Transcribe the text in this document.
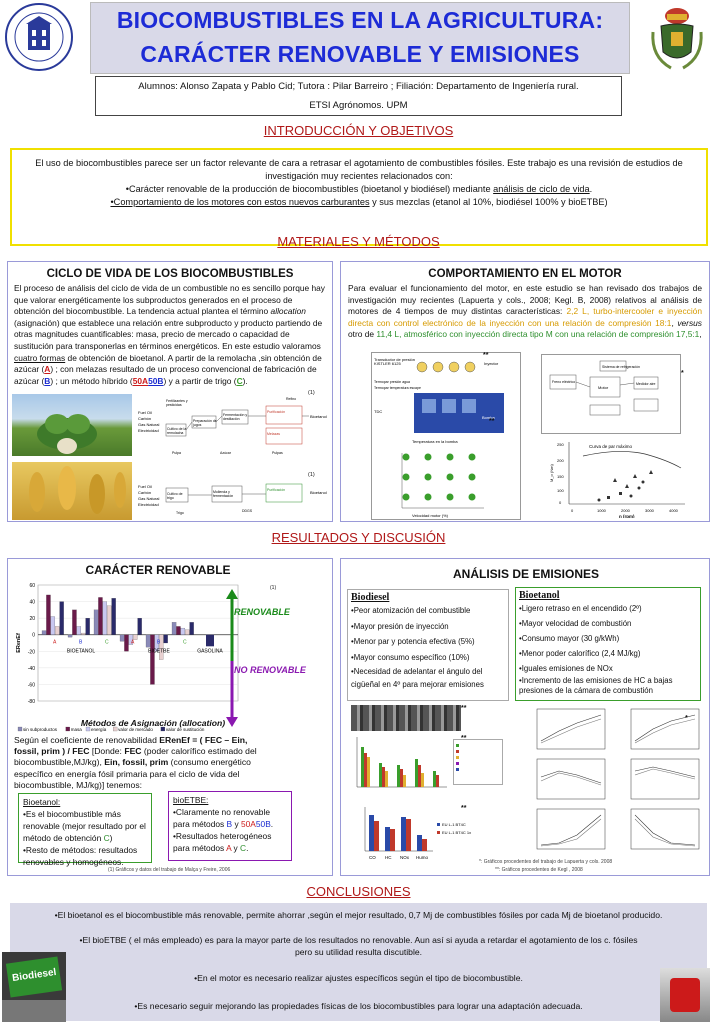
BIOCOMBUSTIBLES EN LA AGRICULTURA:
CARÁCTER RENOVABLE Y EMISIONES
Alumnos: Alonso Zapata y Pablo Cid; Tutora : Pilar Barreiro ; Filiación: Departamento de Ingeniería rural.
ETSI Agrónomos. UPM
INTRODUCCIÓN Y OBJETIVOS
El uso de biocombustibles parece ser un factor relevante de cara a retrasar el agotamiento de combustibles fósiles. Este trabajo es una revisión de estudios de investigación muy recientes relacionados con:
•Carácter renovable de la producción de biocombustibles (bioetanol y biodiésel) mediante análisis de ciclo de vida.
•Comportamiento de los motores con estos nuevos carburantes y sus mezclas (etanol al 10%, biodiésel 100% y bioETBE)
MATERIALES Y MÉTODOS
CICLO DE VIDA DE LOS BIOCOMBUSTIBLES
El proceso de análisis del ciclo de vida de un combustible no es sencillo porque hay que valorar energéticamente los subproductos generados en el proceso de obtención del biocombustible. La tendencia actual plantea el término allocation (asignación) que establece una relación entre subproducto y producto partiendo de otras magnitudes cuantificables: masa, precio de mercado o capacidad de sustitución para transponerlas en términos energéticos. En este estudio valoramos cuatro formas de obtención de bioetanol. A partir de la remolacha ,sin obtención de azúcar (A) ; con melazas resultado de un proceso convencional de fabricación de azúcar (B) ; un método híbrido (50A50B) y a partir de trigo (C).
Fuel Oil
Carbón
Gas Natural
Electricidad Cultivo de la
remolacha
Preparación de
jugos
Fermentación y
destilación
Purificación
Melazas
Bioetanol
Pulpa	Azúcar	Pulpas
Fertilizantes y
pesticidas
Refino
(1)
Fuel Oil
Carbón
Gas Natural
Electricidad
Cultivo de
trigo
Molienda y
fermentación
Purificación	Bioetanol
DDGS
Trigo
(1)
COMPORTAMIENTO EN EL MOTOR
Para evaluar el funcionamiento del motor, en este estudio se han revisado dos trabajos de investigación muy recientes (Lapuerta y cols., 2008; Kegl. B, 2008) relativos al análisis de motores de 4 tiempos de muy distintas características: 2,2 L, turbo-intercooler e inyección directa con control electrónico de la inyección con una relación de compresión 18:1, versus otro de 11,4 L, atmosférico con inyección directa tipo M con una relación de compresión 17,5:1,
Transductor de presión
KISTLER 6125	Inyector
Bomba
TDC
Termopar presión agua
Termopar temperatura escape
Temperatura en la bomba
Velocidad motor (%)
**
**
Sistema de refrigeración
Freno eléctrico
Motor
Medidor aire
*
Curva de par máximo
250
200
150
100
0
0	1000	2000	3000	4000
n (rpm)
M_o (Nm)
RESULTADOS Y DISCUSIÓN
CARÁCTER RENOVABLE
(1)
60
40
20
0
-20
-40
-60
-80
ERenEf	A	B	C	A	B	C
BIOETANOL	BIOETBE	GASOLINA
sin subproductos	masa energía	valor de mercado	valor de sustitución
RENOVABLE
NO RENOVABLE
Métodos de Asignación (allocation)
Según el coeficiente de renovabilidad ERenEf = ( FEC – Ein, fossil, prim ) / FEC [Donde: FEC (poder calorífico estimado del biocombustible,MJ/kg), Ein, fossil, prim (consumo energético específico en energía fósil primaria para el ciclo de vida del biocombustible, MJ/kg)] tenemos:
Bioetanol:
•Es el biocombustible más renovable (mejor resultado por el método de obtención C)
•Resto de métodos: resultados renovables y homogéneos.
bioETBE:
•Claramente no renovable para métodos B y 50A50B.
•Resultados heterogéneos para métodos A y C.
(1) Gráficos y datos del trabajo de Malça y Freire, 2006
ANÁLISIS DE EMISIONES
Biodiesel
•Peor atomización del combustible
•Mayor presión de inyección
•Menor par y potencia efectiva (5%)
•Mayor consumo específico (10%)
•Necesidad de adelantar el ángulo del cigüeñal en 4º para mejorar emisiones
Bioetanol
•Ligero retraso en el encendido (2º)
•Mayor velocidad de combustión
•Consumo mayor (30 g/kWh)
•Menor poder calorífico (2,4 MJ/kg)
•Iguales emisiones de NOx
•Incremento de las emisiones de HC a bajas presiones de la cámara de combustión
**
**
CO HC NOx Humo
EU L-1 BT4C
EU L-1 BT4C 1x
**
*
*: Gráficos procedentes del trabajo de Lapuerta y cols. 2008
**: Gráficos procedentes de Kegl , 2008
CONCLUSIONES
•El bioetanol es el biocombustible más renovable, permite ahorrar ,según el mejor resultado, 0,7 Mj de combustibles fósiles por cada Mj de bioetanol producido.
•El bioETBE ( el más empleado) es para la mayor parte de los resultados no renovable. Aun así si ayuda a retardar el agotamiento de los c. fósiles pero su utilidad resulta discutible.
•En el motor es necesario realizar ajustes específicos según el tipo de biocombustible.
•Es necesario seguir mejorando las propiedades físicas de los biocombustibles para lograr una adaptación adecuada.
Biodiesel
